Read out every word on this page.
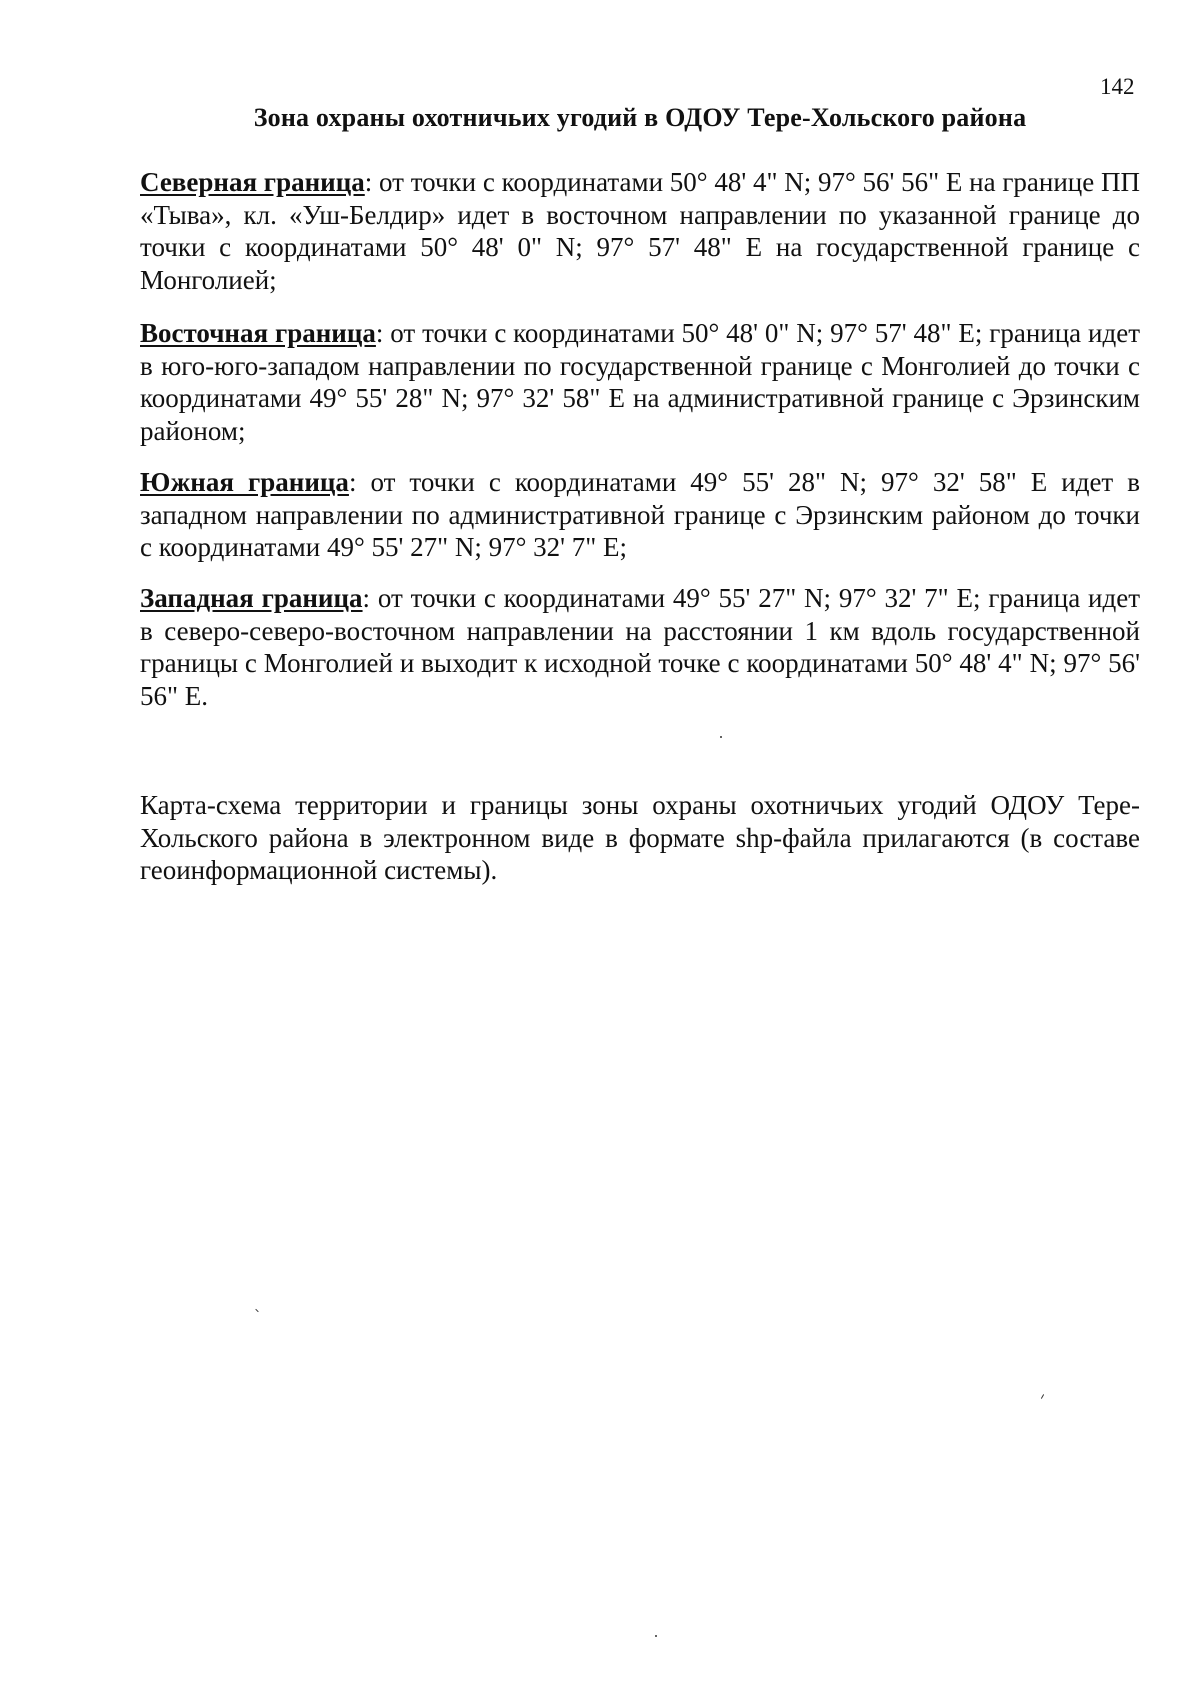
142
Зона охраны охотничьих угодий в ОДОУ Тере-Хольского района
Северная граница: от точки с координатами 50° 48' 4" N; 97° 56' 56" E на границе ПП «Тыва», кл. «Уш-Белдир» идет в восточном направлении по указанной границе до точки с координатами 50° 48' 0" N; 97° 57' 48" E на государственной границе с Монголией;
Восточная граница: от точки с координатами 50° 48' 0" N; 97° 57' 48" E; граница идет в юго-юго-западом направлении по государственной границе с Монголией до точки с координатами 49° 55' 28" N; 97° 32' 58" E на административной границе с Эрзинским районом;
Южная граница: от точки с координатами 49° 55' 28" N; 97° 32' 58" E идет в западном направлении по административной границе с Эрзинским районом до точки с координатами 49° 55' 27" N; 97° 32' 7" E;
Западная граница: от точки с координатами 49° 55' 27" N; 97° 32' 7" E; граница идет в северо-северо-восточном направлении на расстоянии 1 км вдоль государственной границы с Монголией и выходит к исходной точке с координатами 50° 48' 4" N; 97° 56' 56" E.
Карта-схема территории и границы зоны охраны охотничьих угодий ОДОУ Тере-Хольского района в электронном виде в формате shp-файла прилагаются (в составе геоинформационной системы).
